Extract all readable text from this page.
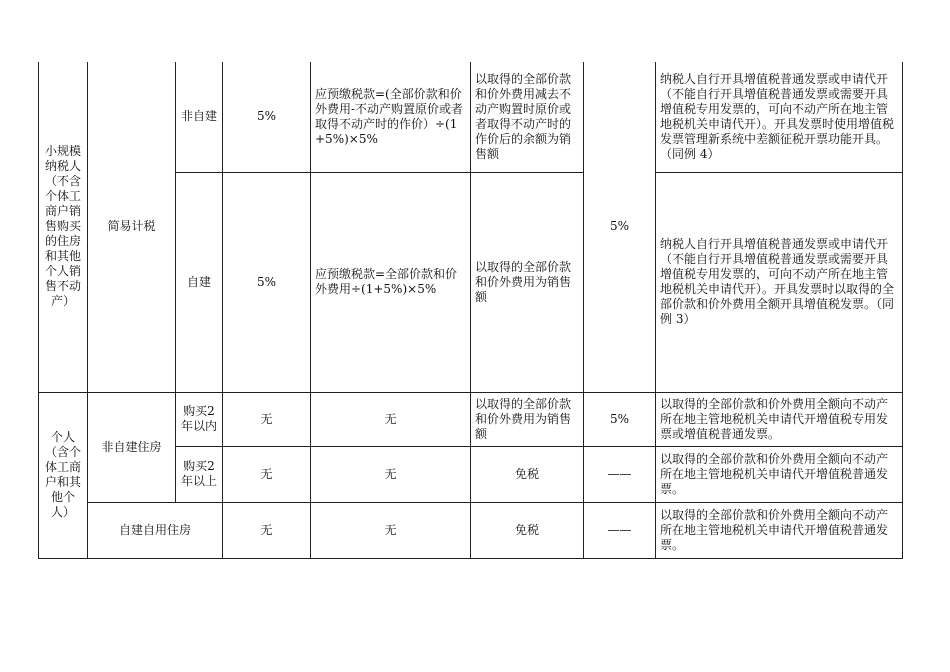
小规模纳税人（不含个体工商户销售购买的住房和其他个人销售不动产）	简易计税	非自建	5%	应预缴税款=(全部价款和价外费用-不动产购置原价或者取得不动产时的作价）÷(1+5%)×5%	以取得的全部价款和价外费用减去不动产购置时原价或者取得不动产时的作价后的余额为销售额	5%	纳税人自行开具增值税普通发票或申请代开（不能自行开具增值税普通发票或需要开具增值税专用发票的，可向不动产所在地主管地税机关申请代开）。开具发票时使用增值税发票管理新系统中差额征税开票功能开具。（同例 4）
		自建	5%	应预缴税款=全部价款和价外费用÷(1+5%)×5%	以取得的全部价款和价外费用为销售额		纳税人自行开具增值税普通发票或申请代开（不能自行开具增值税普通发票或需要开具增值税专用发票的，可向不动产所在地主管地税机关申请代开）。开具发票时以取得的全部价款和价外费用全额开具增值税发票。（同例 3）
个人（含个体工商户和其他个人）	非自建住房	购买2年以内	无	无	以取得的全部价款和价外费用为销售额	5%	以取得的全部价款和价外费用全额向不动产所在地主管地税机关申请代开增值税专用发票或增值税普通发票。
		购买2年以上	无	无	免税	——	以取得的全部价款和价外费用全额向不动产所在地主管地税机关申请代开增值税普通发票。
	自建自用住房		无	无	免税	——	以取得的全部价款和价外费用全额向不动产所在地主管地税机关申请代开增值税普通发票。
